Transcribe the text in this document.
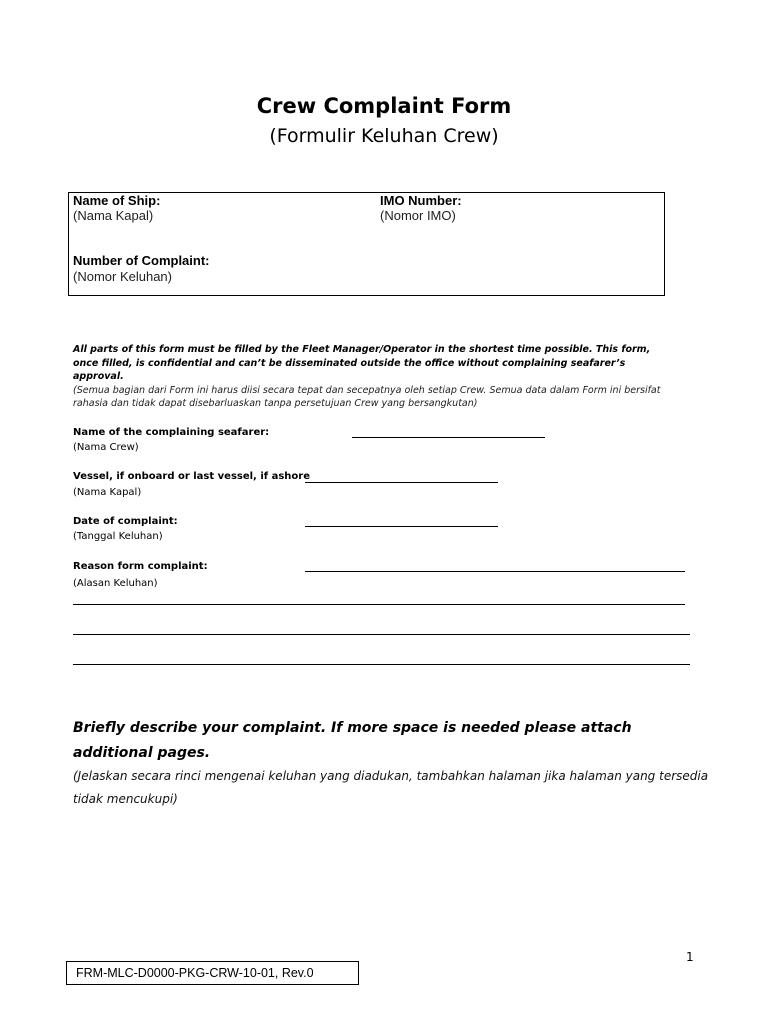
Crew Complaint Form
(Formulir Keluhan Crew)
Name of Ship:
(Nama Kapal)
IMO Number:
(Nomor IMO)
Number of Complaint:
(Nomor Keluhan)
All parts of this form must be filled by the Fleet Manager/Operator in the shortest time possible. This form, once filled, is confidential and can’t be disseminated outside the office without complaining seafarer’s approval.
(Semua bagian dari Form ini harus diisi secara tepat dan secepatnya oleh setiap Crew. Semua data dalam Form ini bersifat rahasia dan tidak dapat disebarluaskan tanpa persetujuan Crew yang bersangkutan)
Name of the complaining seafarer:
(Nama Crew)
Vessel, if onboard or last vessel, if ashore
(Nama Kapal)
Date of complaint:
(Tanggal Keluhan)
Reason form complaint:
(Alasan Keluhan)
Briefly describe your complaint. If more space is needed please attach additional pages.
(Jelaskan secara rinci mengenai keluhan yang diadukan, tambahkan halaman jika halaman yang tersedia tidak mencukupi)
1
FRM-MLC-D0000-PKG-CRW-10-01, Rev.0
